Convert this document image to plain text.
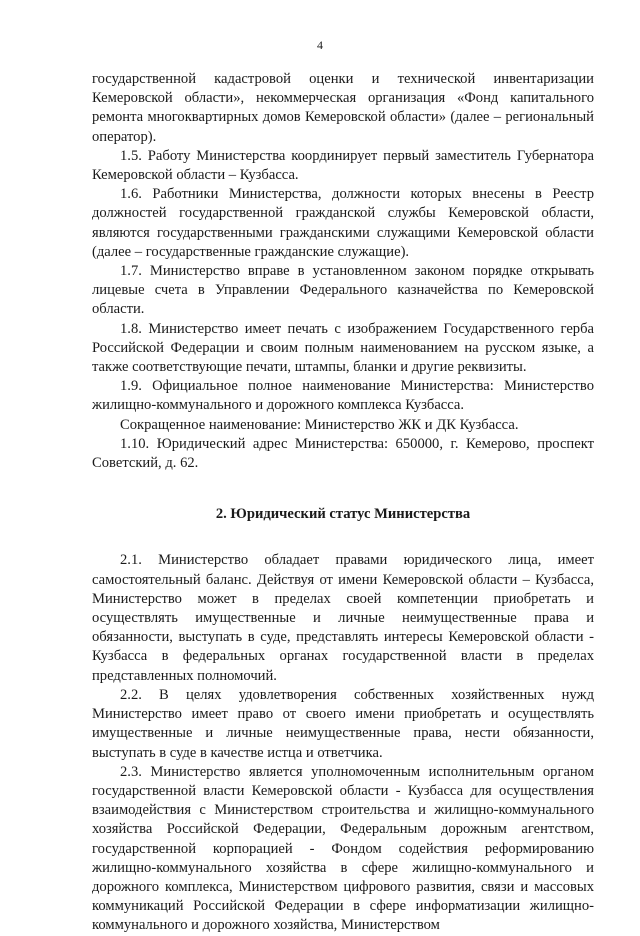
4

государственной кадастровой оценки и технической инвентаризации Кемеровской области», некоммерческая организация «Фонд капитального ремонта многоквартирных домов Кемеровской области» (далее – региональный оператор).

1.5. Работу Министерства координирует первый заместитель Губернатора Кемеровской области – Кузбасса.

1.6. Работники Министерства, должности которых внесены в Реестр должностей государственной гражданской службы Кемеровской области, являются государственными гражданскими служащими Кемеровской области (далее – государственные гражданские служащие).

1.7. Министерство вправе в установленном законом порядке открывать лицевые счета в Управлении Федерального казначейства по Кемеровской области.

1.8. Министерство имеет печать с изображением Государственного герба Российской Федерации и своим полным наименованием на русском языке, а также соответствующие печати, штампы, бланки и другие реквизиты.

1.9. Официальное полное наименование Министерства: Министерство жилищно-коммунального и дорожного комплекса Кузбасса.

Сокращенное наименование: Министерство ЖК и ДК Кузбасса.

1.10. Юридический адрес Министерства: 650000, г. Кемерово, проспект Советский, д. 62.

2. Юридический статус Министерства

2.1. Министерство обладает правами юридического лица, имеет самостоятельный баланс. Действуя от имени Кемеровской области – Кузбасса, Министерство может в пределах своей компетенции приобретать и осуществлять имущественные и личные неимущественные права и обязанности, выступать в суде, представлять интересы Кемеровской области - Кузбасса в федеральных органах государственной власти в пределах представленных полномочий.

2.2. В целях удовлетворения собственных хозяйственных нужд Министерство имеет право от своего имени приобретать и осуществлять имущественные и личные неимущественные права, нести обязанности, выступать в суде в качестве истца и ответчика.

2.3. Министерство является уполномоченным исполнительным органом государственной власти Кемеровской области - Кузбасса для осуществления взаимодействия с Министерством строительства и жилищно-коммунального хозяйства Российской Федерации, Федеральным дорожным агентством, государственной корпорацией - Фондом содействия реформированию жилищно-коммунального хозяйства в сфере жилищно-коммунального и дорожного комплекса, Министерством цифрового развития, связи и массовых коммуникаций Российской Федерации в сфере информатизации жилищно-коммунального и дорожного хозяйства, Министерством
